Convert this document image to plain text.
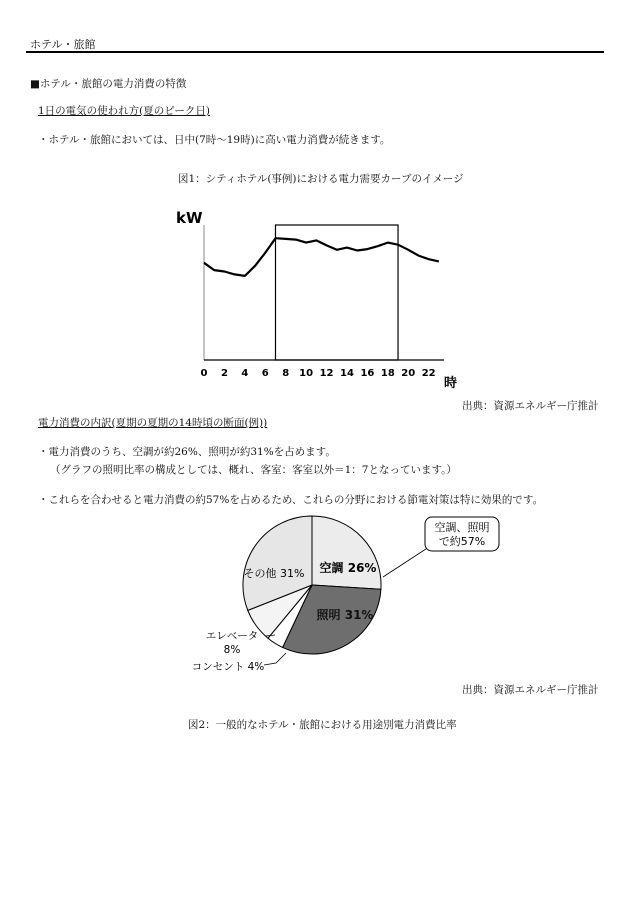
ホテル・旅館
■ホテル・旅館の電力消費の特徴
1日の電気の使われ方(夏のピーク日)
・ホテル・旅館においては、日中(7時〜19時)に高い電力消費が続きます。
図1：シティホテル(事例)における電力需要カーブのイメージ
0 2 4 6 8 10 12 14 16 18 20 22
kW
時
出典：資源エネルギー庁推計
電力消費の内訳(夏期の夏期の14時頃の断面(例))
・電力消費のうち、空調が約26%、照明が約31%を占めます。
（グラフの照明比率の構成としては、概れ、客室：客室以外＝1：7となっています。）
・これらを合わせると電力消費の約57%を占めるため、これらの分野における節電対策は特に効果的です。
空調、照明
で約57%
空調 26%
照明 31%
その他 31%
エレベータ
8%
コンセント 4%
出典：資源エネルギー庁推計
図2：一般的なホテル・旅館における用途別電力消費比率
